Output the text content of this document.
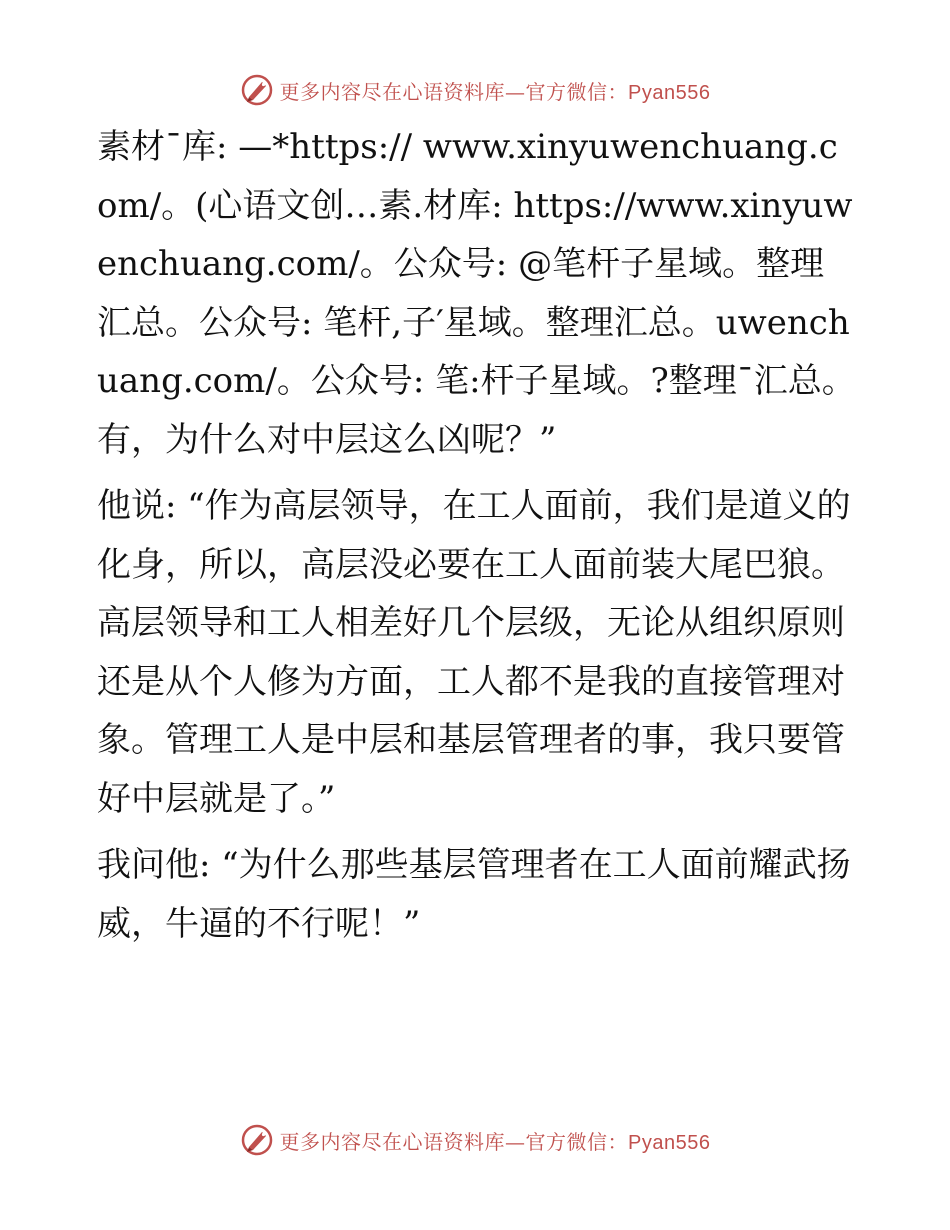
更多内容尽在心语资料库—官方微信：Pyan556

素材¯库: —*https:// www.xinyuwenchuang.com/。(心语文创…素.材库: https://www.xinyuwenchuang.com/。公众号: @笔杆子星域。整理汇总。公众号: 笔杆,子′星域。整理汇总。uwenchuang.com/。公众号: 笔:杆子星域。?整理¯汇总。有，为什么对中层这么凶呢？”

他说: “作为高层领导，在工人面前，我们是道义的化身，所以，高层没必要在工人面前装大尾巴狼。高层领导和工人相差好几个层级，无论从组织原则还是从个人修为方面，工人都不是我的直接管理对象。管理工人是中层和基层管理者的事，我只要管好中层就是了。”

我问他: “为什么那些基层管理者在工人面前耀武扬威，牛逼的不行呢！”

更多内容尽在心语资料库—官方微信：Pyan556
